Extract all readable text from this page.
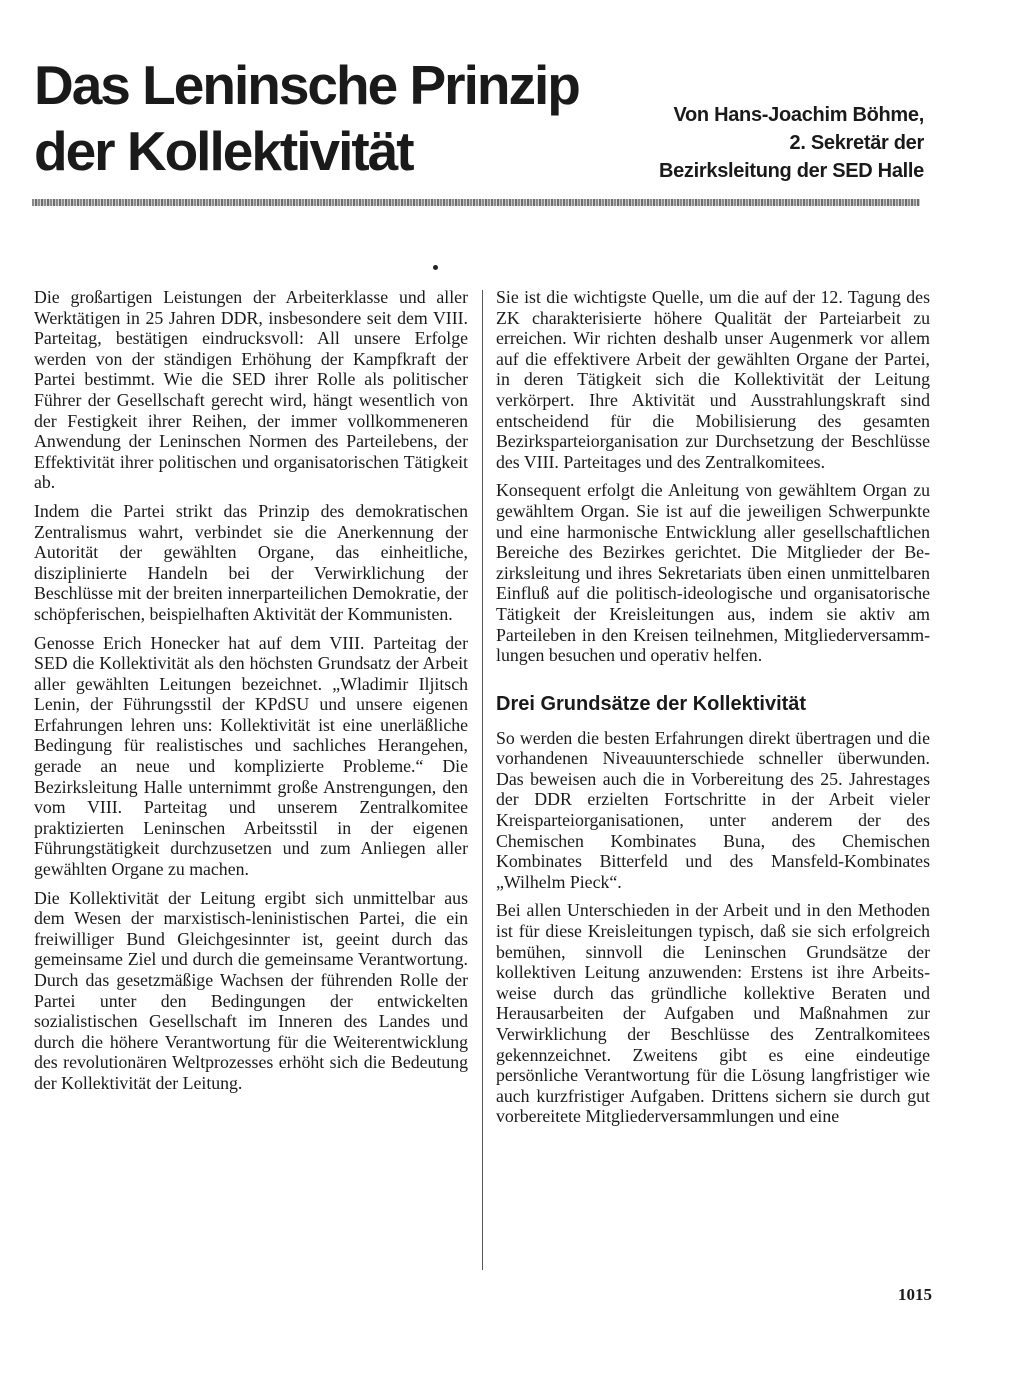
Das Leninsche Prinzip
der Kollektivität
Von Hans-Joachim Böhme,
2. Sekretär der
Bezirksleitung der SED Halle

Die großartigen Leistungen der Arbeiterklasse und aller Werktätigen in 25 Jahren DDR, insbesondere seit dem VIII. Parteitag, bestätigen eindrucksvoll: All unsere Erfolge werden von der ständigen Erhöhung der Kampfkraft der Partei bestimmt. Wie die SED ihrer Rolle als politischer Führer der Gesellschaft gerecht wird, hängt wesentlich von der Festigkeit ihrer Reihen, der immer vollkommeneren Anwendung der Leninschen Normen des Parteilebens, der Effektivität ihrer politischen und organisatorischen Tätigkeit ab.

Indem die Partei strikt das Prinzip des demokratischen Zentralismus wahrt, verbindet sie die Anerkennung der Autorität der gewählten Organe, das einheitliche, disziplinierte Handeln bei der Verwirklichung der Beschlüsse mit der breiten innerparteilichen Demokratie, der schöpferischen, beispielhaften Aktivität der Kommunisten.

Genosse Erich Honecker hat auf dem VIII. Parteitag der SED die Kollektivität als den höchsten Grundsatz der Arbeit aller gewählten Leitungen bezeichnet. „Wladimir Iljitsch Lenin, der Führungsstil der KPdSU und unsere eigenen Erfahrungen lehren uns: Kollektivität ist eine unerläßliche Bedingung für realistisches und sachliches Herangehen, gerade an neue und komplizierte Probleme.“ Die Bezirksleitung Halle unternimmt große Anstrengungen, den vom VIII. Parteitag und unserem Zentralkomitee praktizierten Leninschen Arbeitsstil in der eigenen Führungstätigkeit durchzusetzen und zum Anliegen aller gewählten Organe zu machen.

Die Kollektivität der Leitung ergibt sich unmittelbar aus dem Wesen der marxistisch-leninistischen Partei, die ein freiwilliger Bund Gleichgesinnter ist, geeint durch das gemeinsame Ziel und durch die gemeinsame Verantwortung. Durch das gesetzmäßige Wachsen der führenden Rolle der Partei unter den Bedingungen der entwickelten sozialistischen Gesellschaft im Inneren des Landes und durch die höhere Verantwortung für die Weiterentwicklung des revolutionären Weltprozesses erhöht sich die Bedeutung der Kollektivität der Leitung.

Sie ist die wichtigste Quelle, um die auf der 12. Tagung des ZK charakterisierte höhere Qualität der Parteiarbeit zu erreichen. Wir richten deshalb unser Augenmerk vor allem auf die effektivere Arbeit der gewählten Organe der Partei, in deren Tätigkeit sich die Kollektivität der Leitung verkörpert. Ihre Aktivität und Ausstrahlungskraft sind entscheidend für die Mobilisierung des gesamten Bezirksparteiorganisation zur Durchsetzung der Beschlüsse des VIII. Parteitages und des Zentralkomitees.

Konsequent erfolgt die Anleitung von gewähltem Organ zu gewähltem Organ. Sie ist auf die jeweiligen Schwerpunkte und eine harmonische Entwicklung aller gesellschaftlichen Bereiche des Bezirkes gerichtet. Die Mitglieder der Bezirksleitung und ihres Sekretariats üben einen unmittelbaren Einfluß auf die politisch-ideologische und organisatorische Tätigkeit der Kreisleitungen aus, indem sie aktiv am Parteileben in den Kreisen teilnehmen, Mitgliederversammlungen besuchen und operativ helfen.

Drei Grundsätze der Kollektivität

So werden die besten Erfahrungen direkt übertragen und die vorhandenen Niveauunterschiede schneller überwunden. Das beweisen auch die in Vorbereitung des 25. Jahrestages der DDR erzielten Fortschritte in der Arbeit vieler Kreisparteiorganisationen, unter anderem der des Chemischen Kombinates Buna, des Chemischen Kombinates Bitterfeld und des Mansfeld-Kombinates „Wilhelm Pieck“.

Bei allen Unterschieden in der Arbeit und in den Methoden ist für diese Kreisleitungen typisch, daß sie sich erfolgreich bemühen, sinnvoll die Leninschen Grundsätze der kollektiven Leitung anzuwenden: Erstens ist ihre Arbeitsweise durch das gründliche kollektive Beraten und Herausarbeiten der Aufgaben und Maßnahmen zur Verwirklichung der Beschlüsse des Zentralkomitees gekennzeichnet. Zweitens gibt es eine eindeutige persönliche Verantwortung für die Lösung langfristiger wie auch kurzfristiger Aufgaben. Drittens sichern sie durch gut vorbereitete Mitgliederversammlungen und eine

1015
